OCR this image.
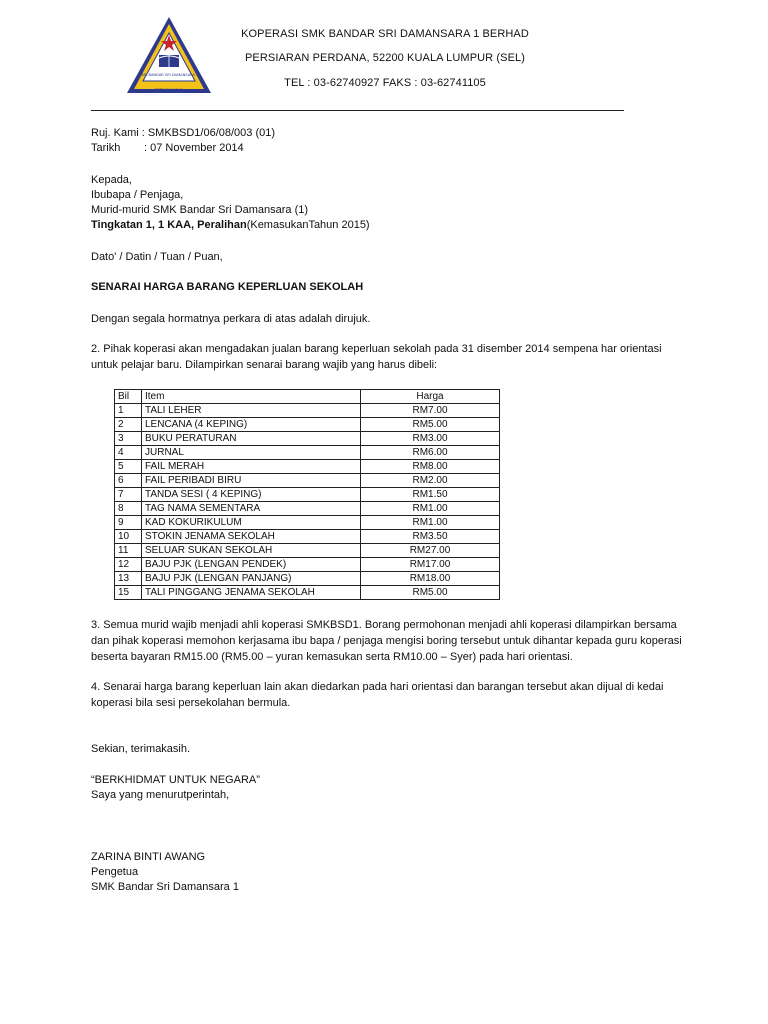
SMK BANDAR SRI DAMANSARA 1
BERWAWASAN
KOPERASI SMK BANDAR SRI DAMANSARA 1 BERHAD
PERSIARAN PERDANA, 52200 KUALA LUMPUR (SEL)
TEL : 03-62740927 FAKS : 03-62741105
Ruj. Kami : SMKBSD1/06/08/003 (01)
Tarikh : 07 November 2014
Kepada,
Ibubapa / Penjaga,
Murid-murid SMK Bandar Sri Damansara (1)
Tingkatan 1, 1 KAA, Peralihan(KemasukanTahun 2015)
Dato' / Datin / Tuan / Puan,
SENARAI HARGA BARANG KEPERLUAN SEKOLAH
Dengan segala hormatnya perkara di atas adalah dirujuk.
2. Pihak koperasi akan mengadakan jualan barang keperluan sekolah pada 31 disember 2014 sempena har orientasi untuk pelajar baru. Dilampirkan senarai barang wajib yang harus dibeli:
Bil	Item	Harga
1	TALI LEHER	RM7.00
2	LENCANA (4 KEPING)	RM5.00
3	BUKU PERATURAN	RM3.00
4	JURNAL	RM6.00
5	FAIL MERAH	RM8.00
6	FAIL PERIBADI BIRU	RM2.00
7	TANDA SESI ( 4 KEPING)	RM1.50
8	TAG NAMA SEMENTARA	RM1.00
9	KAD KOKURIKULUM	RM1.00
10	STOKIN JENAMA SEKOLAH	RM3.50
11	SELUAR SUKAN SEKOLAH	RM27.00
12	BAJU PJK (LENGAN PENDEK)	RM17.00
13	BAJU PJK (LENGAN PANJANG)	RM18.00
15	TALI PINGGANG JENAMA SEKOLAH	RM5.00
3. Semua murid wajib menjadi ahli koperasi SMKBSD1. Borang permohonan menjadi ahli koperasi dilampirkan bersama dan pihak koperasi memohon kerjasama ibu bapa / penjaga mengisi boring tersebut untuk dihantar kepada guru koperasi beserta bayaran RM15.00 (RM5.00 – yuran kemasukan serta RM10.00 – Syer) pada hari orientasi.
4. Senarai harga barang keperluan lain akan diedarkan pada hari orientasi dan barangan tersebut akan dijual di kedai koperasi bila sesi persekolahan bermula.
Sekian, terimakasih.
“BERKHIDMAT UNTUK NEGARA”
Saya yang menurutperintah,
ZARINA BINTI AWANG
Pengetua
SMK Bandar Sri Damansara 1
